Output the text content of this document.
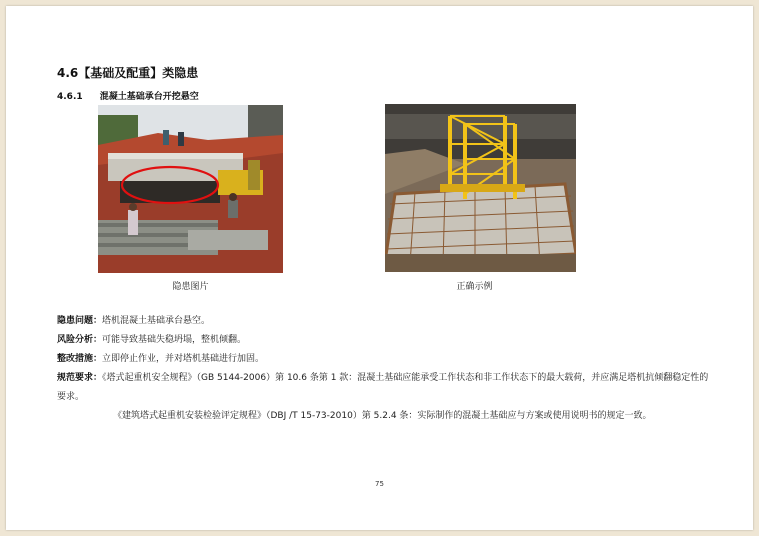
4.6【基础及配重】类隐患
4.6.1 混凝土基础承台开挖悬空
隐患图片	正确示例
隐患问题：塔机混凝土基础承台悬空。
风险分析：可能导致基础失稳坍塌，整机倾翻。
整改措施：立即停止作业，并对塔机基础进行加固。
规范要求：《塔式起重机安全规程》（GB 5144-2006）第 10.6 条第 1 款：混凝土基础应能承受工作状态和非工作状态下的最大载荷，并应满足塔机抗倾翻稳定性的要求。
《建筑塔式起重机安装检验评定规程》（DBJ /T 15-73-2010）第 5.2.4 条：实际制作的混凝土基础应与方案或使用说明书的规定一致。
75
